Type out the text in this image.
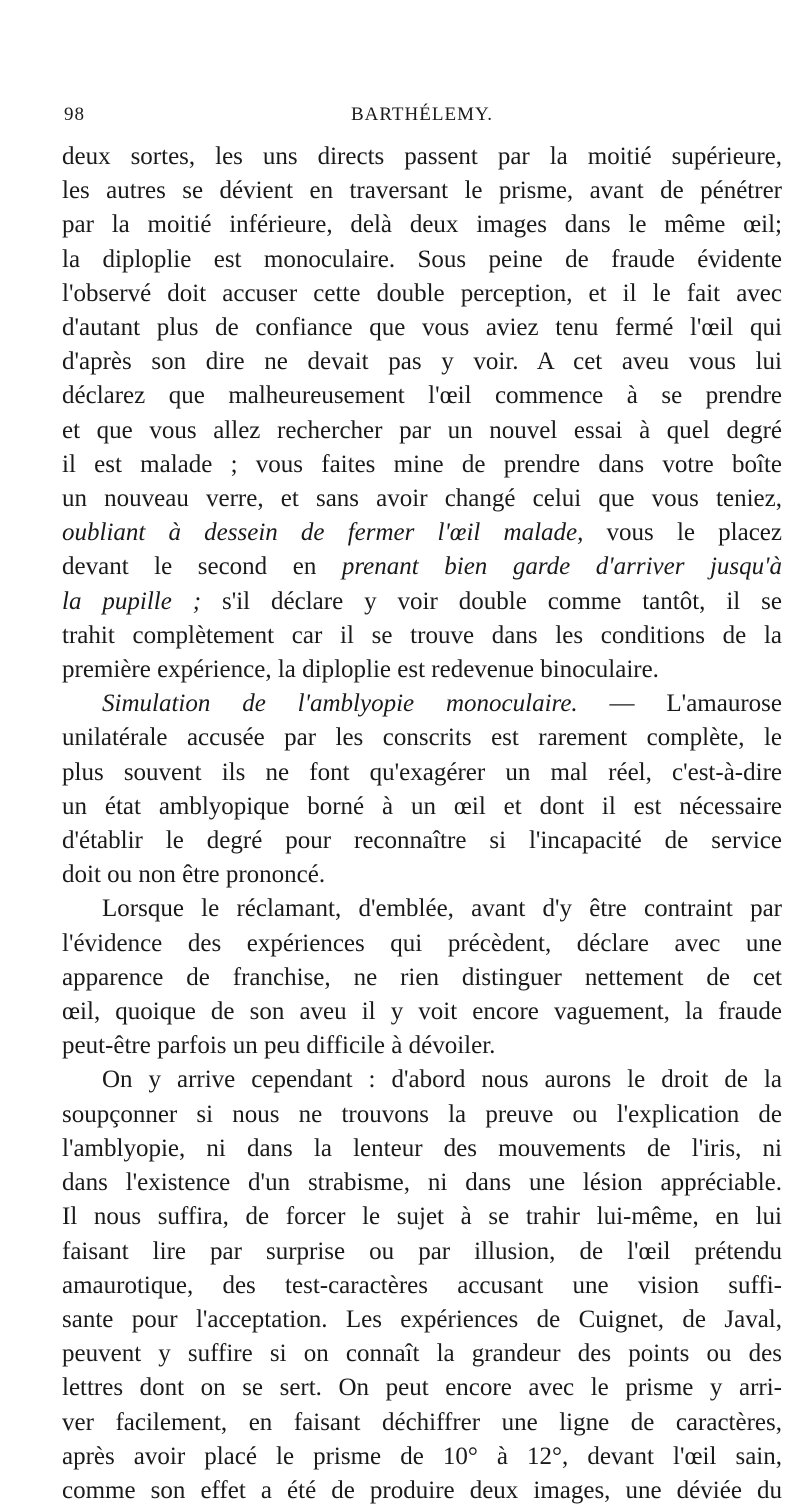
98	BARTHÉLEMY.
deux sortes, les uns directs passent par la moitié supérieure,
les autres se dévient en traversant le prisme, avant de pénétrer
par la moitié inférieure, delà deux images dans le même œil;
la diploplie est monoculaire. Sous peine de fraude évidente
l'observé doit accuser cette double perception, et il le fait avec
d'autant plus de confiance que vous aviez tenu fermé l'œil qui
d'après son dire ne devait pas y voir. A cet aveu vous lui
déclarez que malheureusement l'œil commence à se prendre
et que vous allez rechercher par un nouvel essai à quel degré
il est malade ; vous faites mine de prendre dans votre boîte
un nouveau verre, et sans avoir changé celui que vous teniez,
oubliant à dessein de fermer l'œil malade, vous le placez
devant le second en prenant bien garde d'arriver jusqu'à
la pupille ; s'il déclare y voir double comme tantôt, il se
trahit complètement car il se trouve dans les conditions de la
première expérience, la diploplie est redevenue binoculaire.
Simulation de l'amblyopie monoculaire. — L'amaurose
unilatérale accusée par les conscrits est rarement complète, le
plus souvent ils ne font qu'exagérer un mal réel, c'est-à-dire
un état amblyopique borné à un œil et dont il est nécessaire
d'établir le degré pour reconnaître si l'incapacité de service
doit ou non être prononcé.
Lorsque le réclamant, d'emblée, avant d'y être contraint par
l'évidence des expériences qui précèdent, déclare avec une
apparence de franchise, ne rien distinguer nettement de cet
œil, quoique de son aveu il y voit encore vaguement, la fraude
peut-être parfois un peu difficile à dévoiler.
On y arrive cependant : d'abord nous aurons le droit de la
soupçonner si nous ne trouvons la preuve ou l'explication de
l'amblyopie, ni dans la lenteur des mouvements de l'iris, ni
dans l'existence d'un strabisme, ni dans une lésion appréciable.
Il nous suffira, de forcer le sujet à se trahir lui-même, en lui
faisant lire par surprise ou par illusion, de l'œil prétendu
amaurotique, des test-caractères accusant une vision suffi-
sante pour l'acceptation. Les expériences de Cuignet, de Javal,
peuvent y suffire si on connaît la grandeur des points ou des
lettres dont on se sert. On peut encore avec le prisme y arri-
ver facilement, en faisant déchiffrer une ligne de caractères,
après avoir placé le prisme de 10° à 12°, devant l'œil sain,
comme son effet a été de produire deux images, une déviée du
